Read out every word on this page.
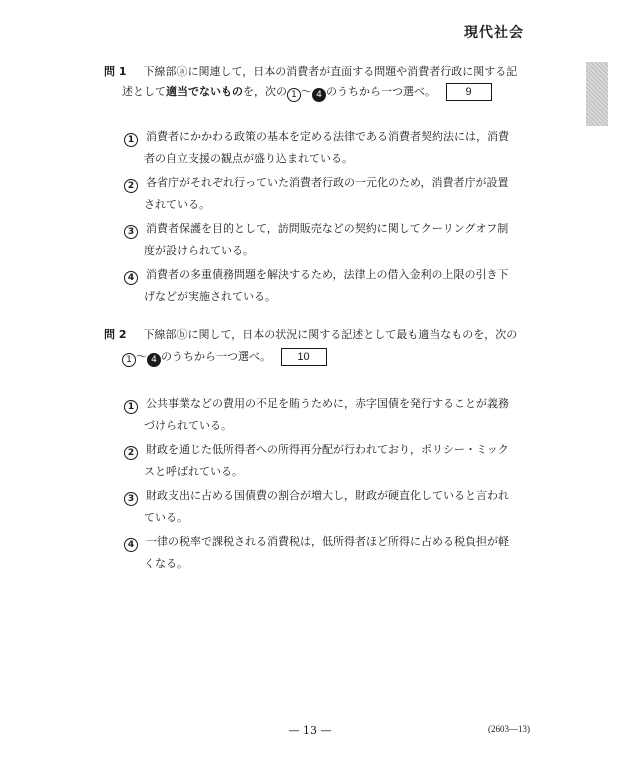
現代社会
問 1 下線部ⓐに関連して，日本の消費者が直面する問題や消費者行政に関する記
述として適当でないものを，次の 1 ～ 4 のうちから一つ選べ。	9
1 消費者にかかわる政策の基本を定める法律である消費者契約法には，消費
者の自立支援の観点が盛り込まれている。
2 各省庁がそれぞれ行っていた消費者行政の一元化のため，消費者庁が設置
されている。
3 消費者保護を目的として，訪問販売などの契約に関してクーリングオフ制
度が設けられている。
4 消費者の多重債務問題を解決するため，法律上の借入金利の上限の引き下
げなどが実施されている。
問 2 下線部ⓑに関して，日本の状況に関する記述として最も適当なものを，次の
1 ～ 4 のうちから一つ選べ。 10
1 公共事業などの費用の不足を賄うために，赤字国債を発行することが義務
づけられている。
2 財政を通じた低所得者への所得再分配が行われており，ポリシー・ミック
スと呼ばれている。
3 財政支出に占める国債費の割合が増大し，財政が硬直化していると言われ
ている。
4 一律の税率で課税される消費税は，低所得者ほど所得に占める税負担が軽
くなる。
— 13 —	(2603—13)
